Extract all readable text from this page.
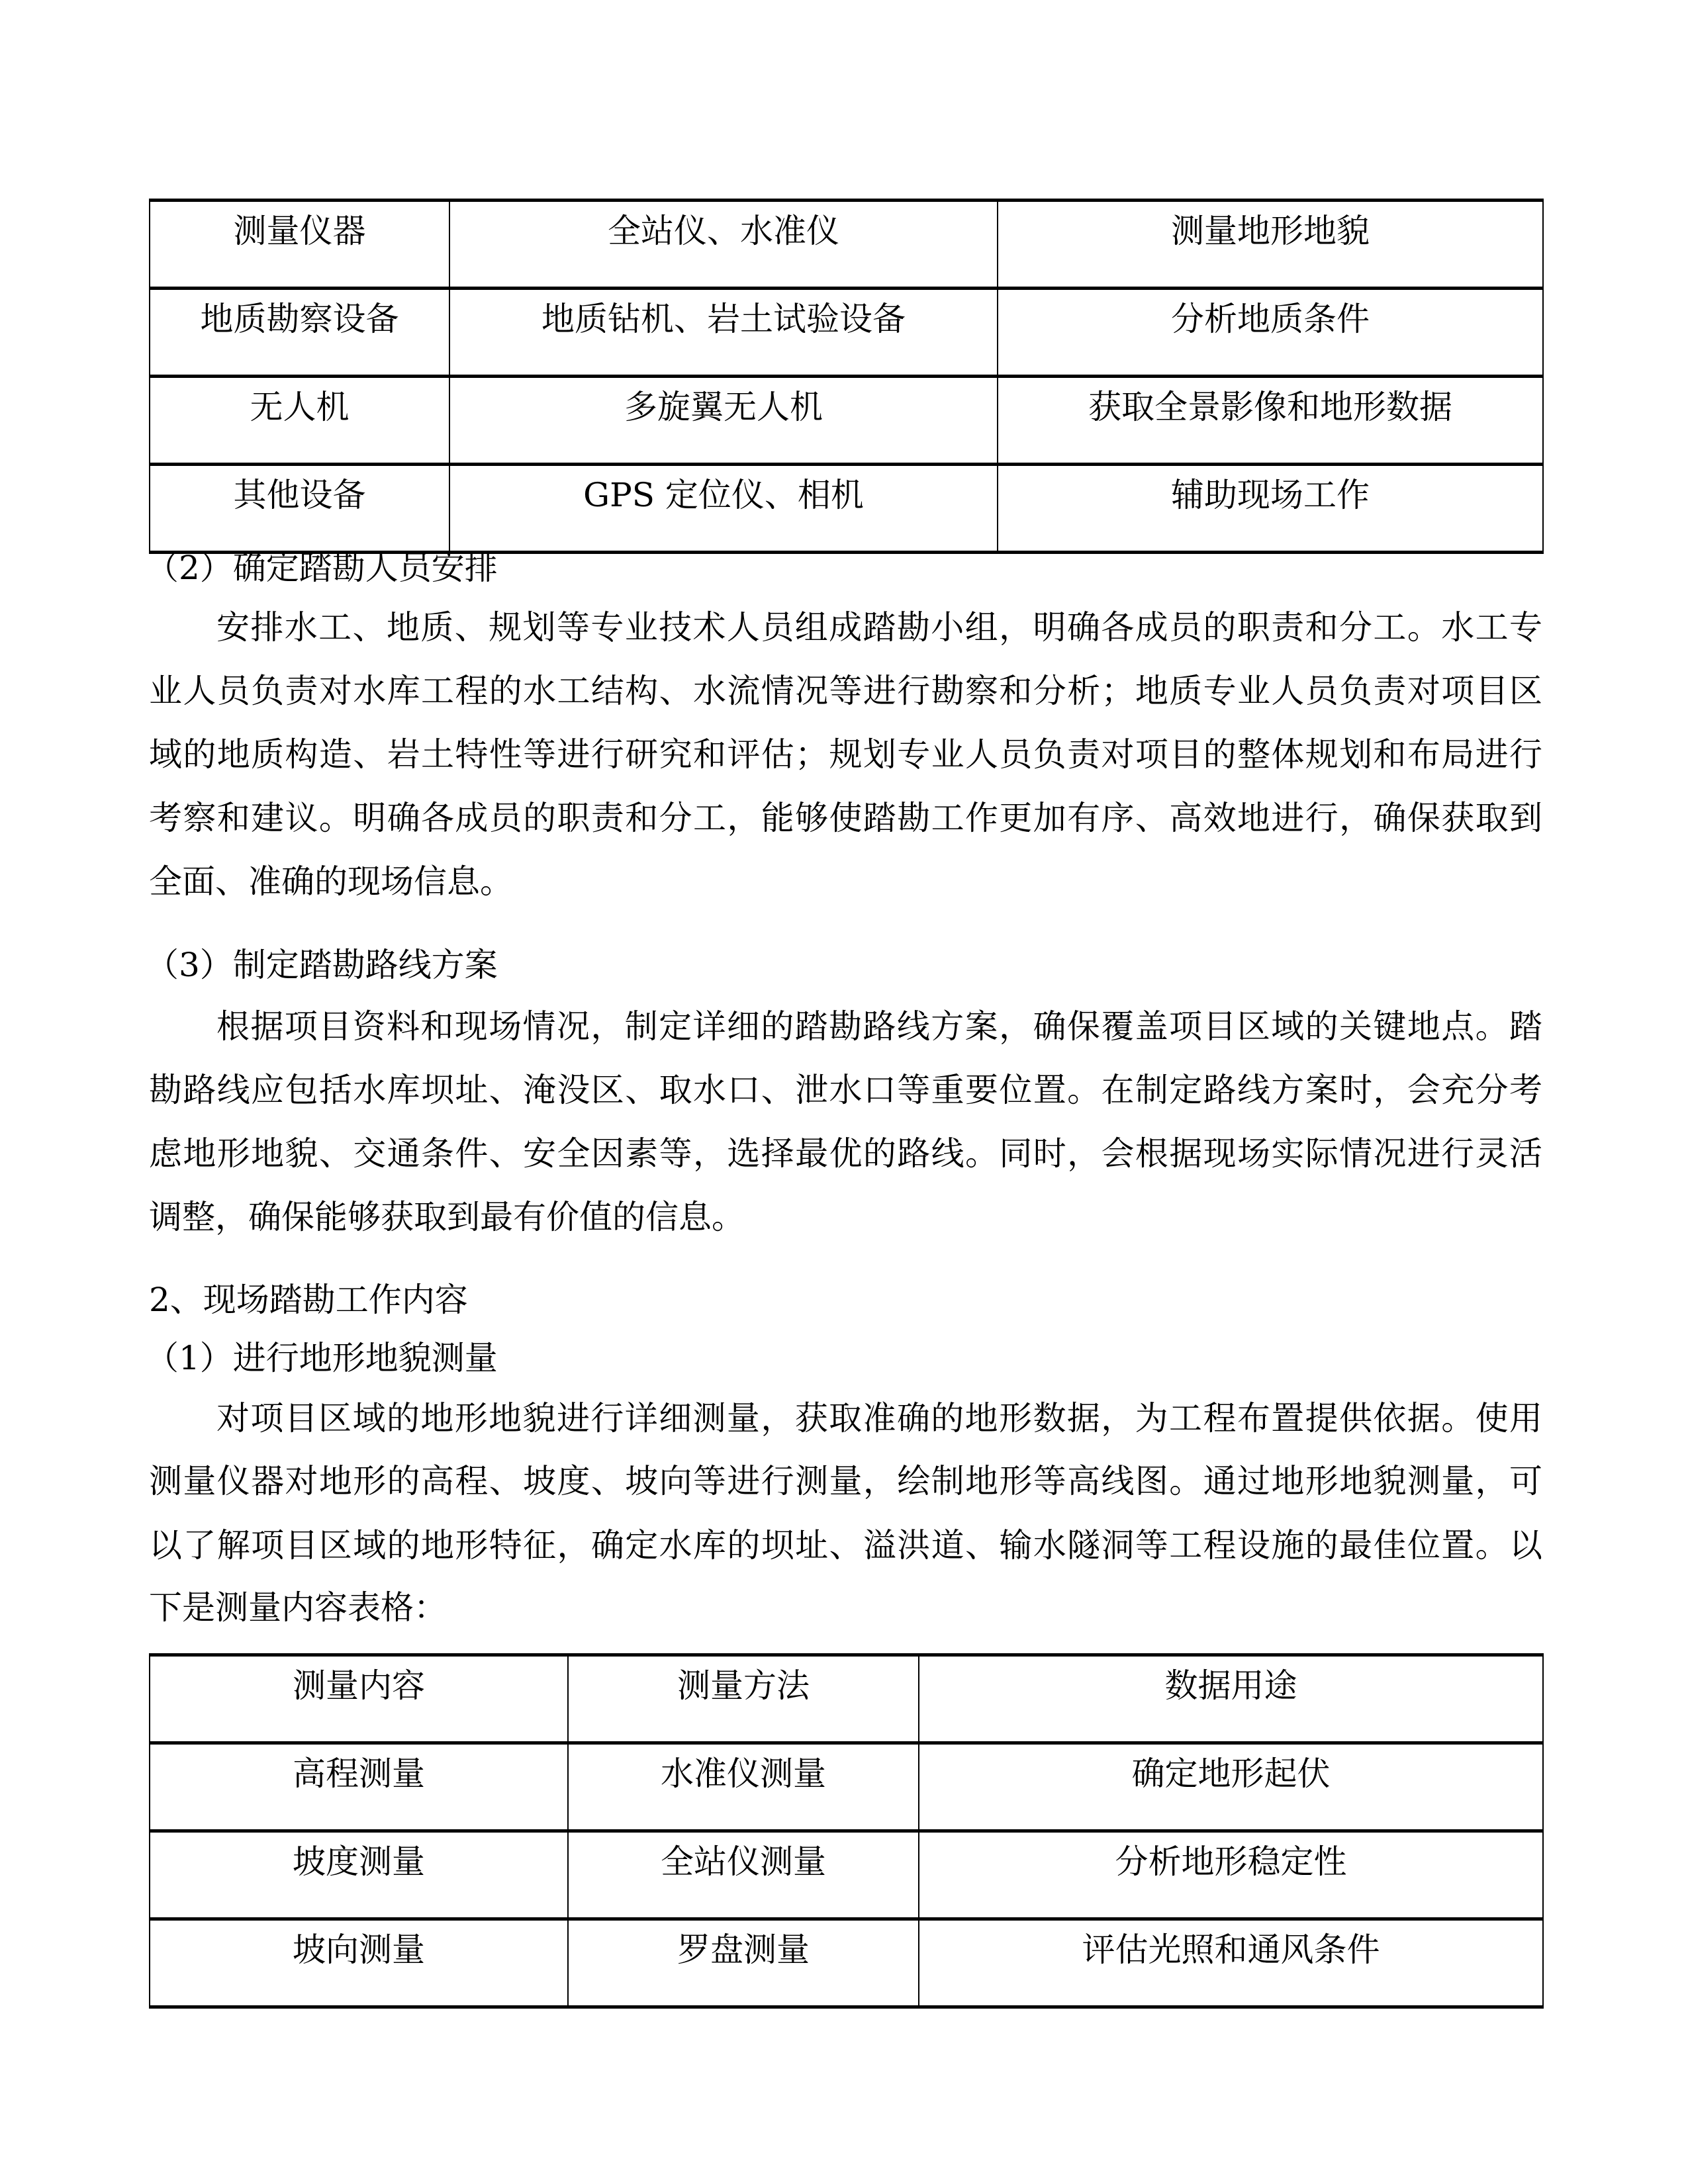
测量仪器	全站仪、水准仪	测量地形地貌
地质勘察设备	地质钻机、岩土试验设备	分析地质条件
无人机	多旋翼无人机	获取全景影像和地形数据
其他设备	GPS 定位仪、相机	辅助现场工作
（2）确定踏勘人员安排
安排水工、地质、规划等专业技术人员组成踏勘小组，明确各成员的职责和分工。水工专
业人员负责对水库工程的水工结构、水流情况等进行勘察和分析；地质专业人员负责对项目区
域的地质构造、岩土特性等进行研究和评估；规划专业人员负责对项目的整体规划和布局进行
考察和建议。明确各成员的职责和分工，能够使踏勘工作更加有序、高效地进行，确保获取到
全面、准确的现场信息。
（3）制定踏勘路线方案
根据项目资料和现场情况，制定详细的踏勘路线方案，确保覆盖项目区域的关键地点。踏
勘路线应包括水库坝址、淹没区、取水口、泄水口等重要位置。在制定路线方案时，会充分考
虑地形地貌、交通条件、安全因素等，选择最优的路线。同时，会根据现场实际情况进行灵活
调整，确保能够获取到最有价值的信息。
2、现场踏勘工作内容
（1）进行地形地貌测量
对项目区域的地形地貌进行详细测量，获取准确的地形数据，为工程布置提供依据。使用
测量仪器对地形的高程、坡度、坡向等进行测量，绘制地形等高线图。通过地形地貌测量，可
以了解项目区域的地形特征，确定水库的坝址、溢洪道、输水隧洞等工程设施的最佳位置。以
下是测量内容表格：
测量内容	测量方法	数据用途
高程测量	水准仪测量	确定地形起伏
坡度测量	全站仪测量	分析地形稳定性
坡向测量	罗盘测量	评估光照和通风条件
